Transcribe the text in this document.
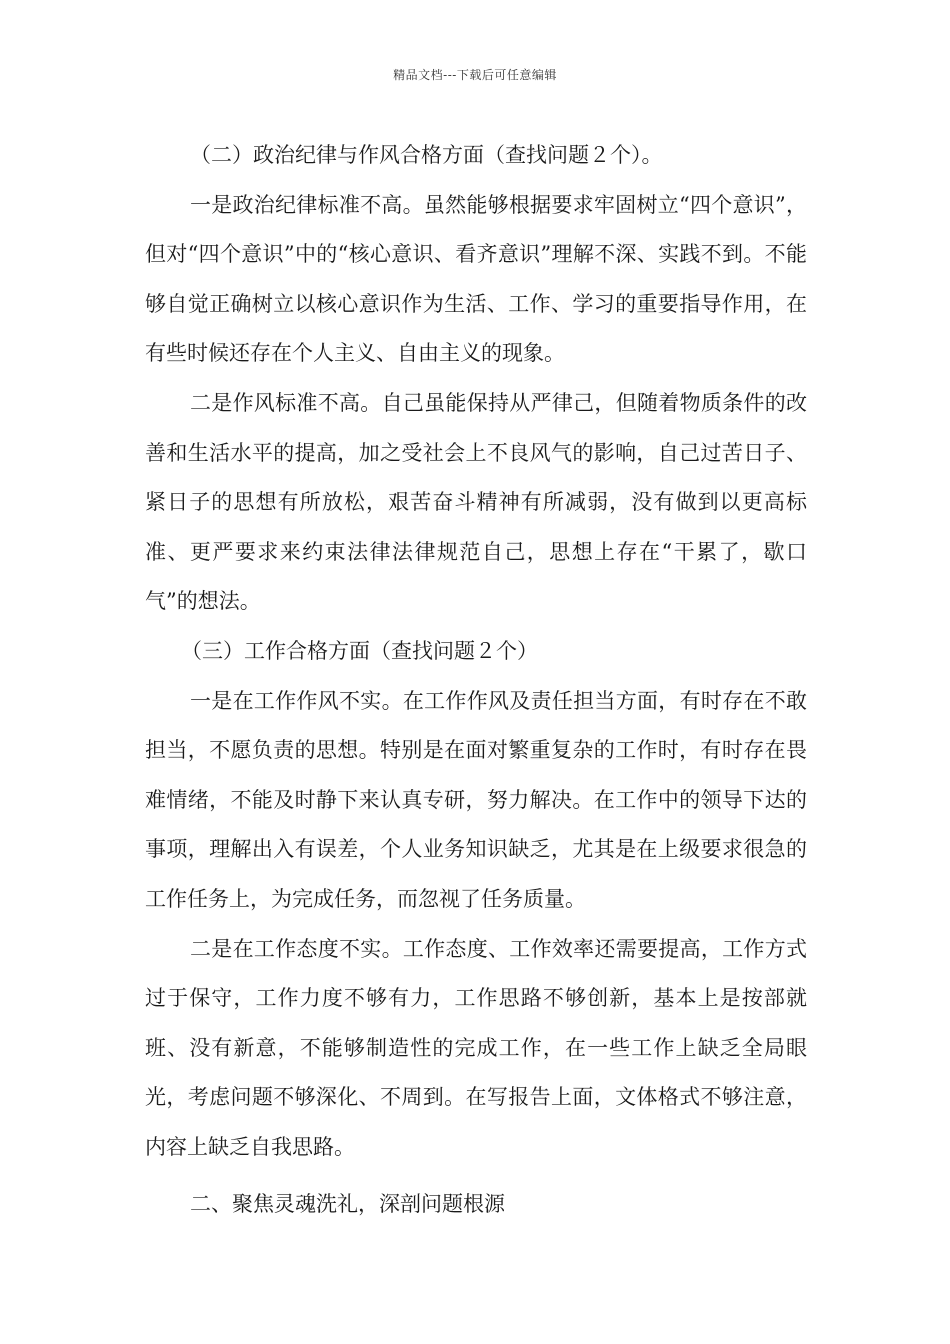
精品文档---下载后可任意编辑

（二）政治纪律与作风合格方面（查找问题２个）。

一是政治纪律标准不高。虽然能够根据要求牢固树立“四个意识”，但对“四个意识”中的“核心意识、看齐意识”理解不深、实践不到。不能够自觉正确树立以核心意识作为生活、工作、学习的重要指导作用，在有些时候还存在个人主义、自由主义的现象。

二是作风标准不高。自己虽能保持从严律己，但随着物质条件的改善和生活水平的提高，加之受社会上不良风气的影响，自己过苦日子、紧日子的思想有所放松，艰苦奋斗精神有所减弱，没有做到以更高标准、更严要求来约束法律法律规范自己，思想上存在“干累了，歇口气”的想法。

（三）工作合格方面（查找问题２个）

一是在工作作风不实。在工作作风及责任担当方面，有时存在不敢担当，不愿负责的思想。特别是在面对繁重复杂的工作时，有时存在畏难情绪，不能及时静下来认真专研，努力解决。在工作中的领导下达的事项，理解出入有误差，个人业务知识缺乏，尤其是在上级要求很急的工作任务上，为完成任务，而忽视了任务质量。

二是在工作态度不实。工作态度、工作效率还需要提高，工作方式过于保守，工作力度不够有力，工作思路不够创新，基本上是按部就班、没有新意，不能够制造性的完成工作，在一些工作上缺乏全局眼光，考虑问题不够深化、不周到。在写报告上面，文体格式不够注意，内容上缺乏自我思路。

二、聚焦灵魂洗礼，深剖问题根源
